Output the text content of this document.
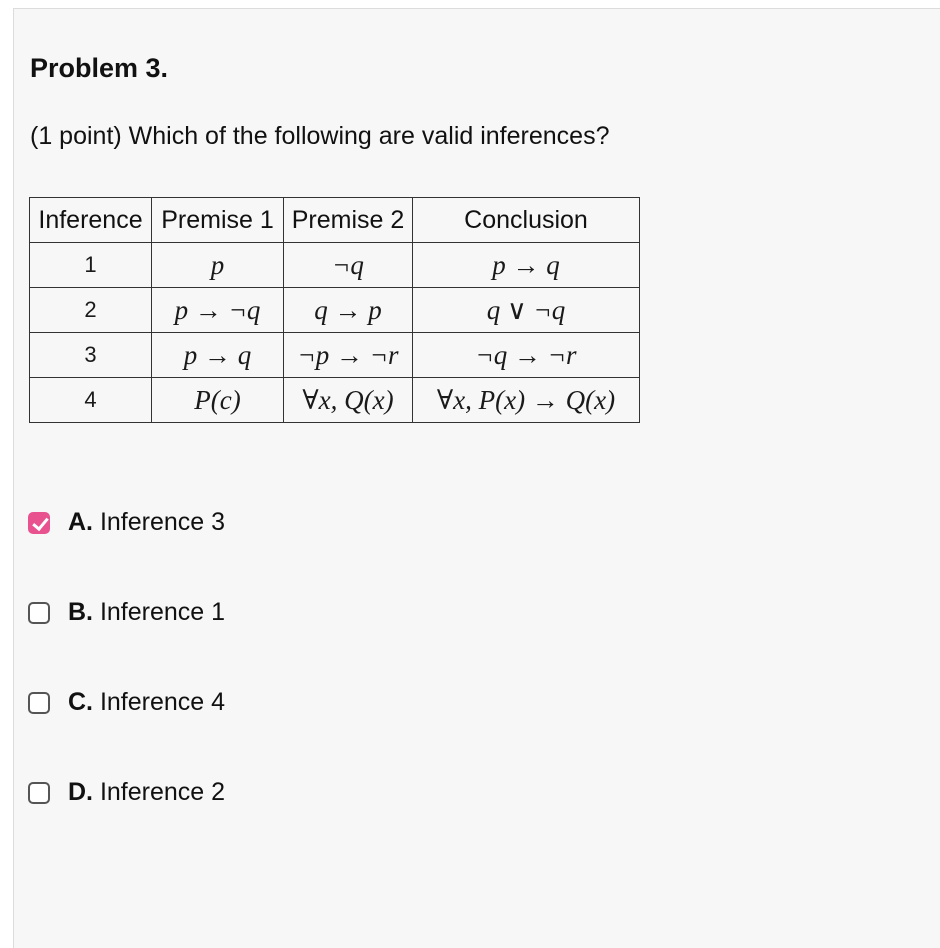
Problem 3.

(1 point) Which of the following are valid inferences?

Inference	Premise 1	Premise 2	Conclusion
1	p	¬q	p → q
2	p → ¬q	q → p	q ∨ ¬q
3	p → q	¬p → ¬r	¬q → ¬r
4	P(c)	∀x, Q(x)	∀x, P(x) → Q(x)
A. Inference 3
B. Inference 1
C. Inference 4
D. Inference 2
